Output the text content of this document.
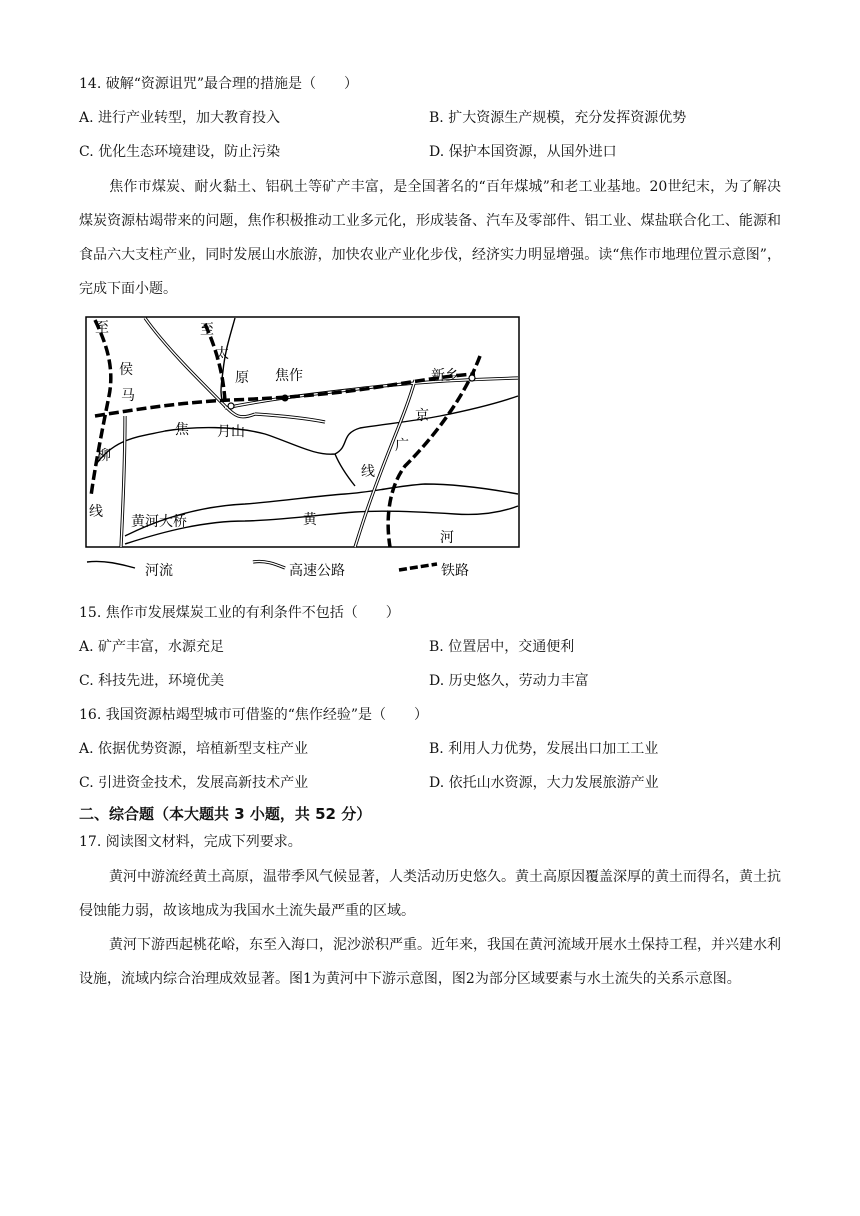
14. 破解“资源诅咒”最合理的措施是（　　）
A. 进行产业转型，加大教育投入	B. 扩大资源生产规模，充分发挥资源优势
C. 优化生态环境建设，防止污染	D. 保护本国资源，从国外进口
焦作市煤炭、耐火黏土、铝矾土等矿产丰富，是全国著名的“百年煤城”和老工业基地。20世纪末，为了解决煤炭资源枯竭带来的问题，焦作积极推动工业多元化，形成装备、汽车及零部件、铝工业、煤盐联合化工、能源和食品六大支柱产业，同时发展山水旅游，加快农业产业化步伐，经济实力明显增强。读“焦作市地理位置示意图”，完成下面小题。
至	至
太
原 焦作	新乡
侯
马
焦 月山
京
广
线
柳
线
黄河大桥	黄
河
河流	高速公路	铁路
15. 焦作市发展煤炭工业的有利条件不包括（　　）
A. 矿产丰富，水源充足	B. 位置居中，交通便利
C. 科技先进，环境优美	D. 历史悠久，劳动力丰富
16. 我国资源枯竭型城市可借鉴的“焦作经验”是（　　）
A. 依据优势资源，培植新型支柱产业	B. 利用人力优势，发展出口加工工业
C. 引进资金技术，发展高新技术产业	D. 依托山水资源，大力发展旅游产业
二、综合题（本大题共 3 小题，共 52 分）
17. 阅读图文材料，完成下列要求。
黄河中游流经黄土高原，温带季风气候显著，人类活动历史悠久。黄土高原因覆盖深厚的黄土而得名，黄土抗侵蚀能力弱，故该地成为我国水土流失最严重的区域。
黄河下游西起桃花峪，东至入海口，泥沙淤积严重。近年来，我国在黄河流域开展水土保持工程，并兴建水利设施，流域内综合治理成效显著。图1为黄河中下游示意图，图2为部分区域要素与水土流失的关系示意图。
